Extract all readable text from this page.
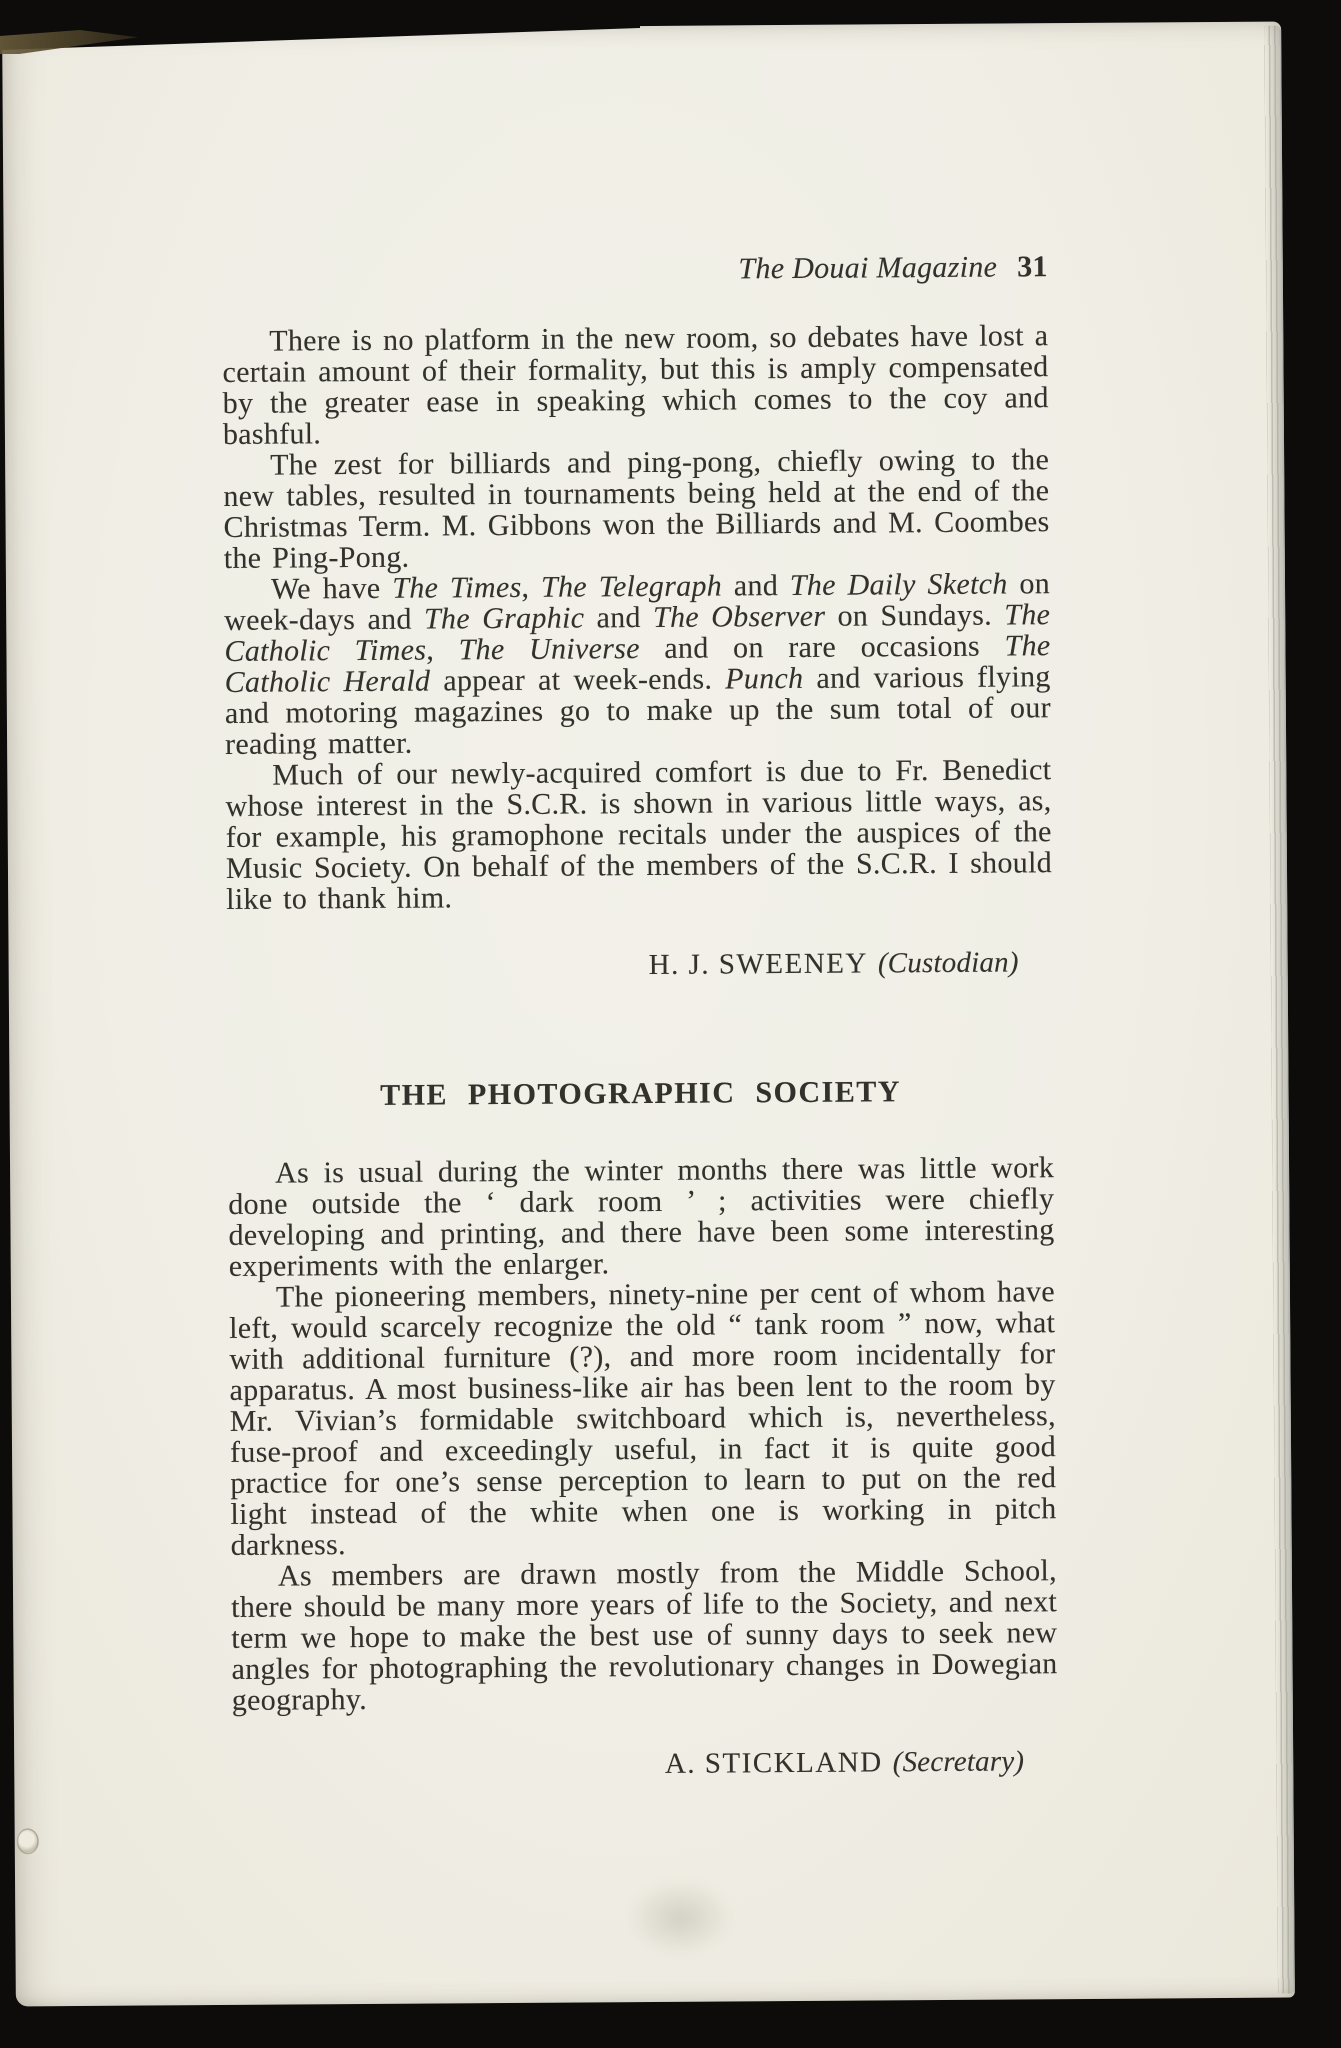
The Douai Magazine 31

There is no platform in the new room, so debates have lost a certain amount of their formality, but this is amply compensated by the greater ease in speaking which comes to the coy and bashful.

The zest for billiards and ping-pong, chiefly owing to the new tables, resulted in tournaments being held at the end of the Christmas Term. M. Gibbons won the Billiards and M. Coombes the Ping-Pong.

We have The Times, The Telegraph and The Daily Sketch on week-days and The Graphic and The Observer on Sundays. The Catholic Times, The Universe and on rare occasions The Catholic Herald appear at week-ends. Punch and various flying and motoring magazines go to make up the sum total of our reading matter.

Much of our newly-acquired comfort is due to Fr. Benedict whose interest in the S.C.R. is shown in various little ways, as, for example, his gramophone recitals under the auspices of the Music Society. On behalf of the members of the S.C.R. I should like to thank him.

H. J. SWEENEY (Custodian)
THE PHOTOGRAPHIC SOCIETY

As is usual during the winter months there was little work done outside the ‘ dark room ’ ; activities were chiefly developing and printing, and there have been some interesting experiments with the enlarger.

The pioneering members, ninety-nine per cent of whom have left, would scarcely recognize the old “ tank room ” now, what with additional furniture (?), and more room incidentally for apparatus. A most business-like air has been lent to the room by Mr. Vivian’s formidable switchboard which is, nevertheless, fuse-proof and exceedingly useful, in fact it is quite good practice for one’s sense perception to learn to put on the red light instead of the white when one is working in pitch darkness.

As members are drawn mostly from the Middle School, there should be many more years of life to the Society, and next term we hope to make the best use of sunny days to seek new angles for photographing the revolutionary changes in Dowegian geography.

A. STICKLAND (Secretary)
